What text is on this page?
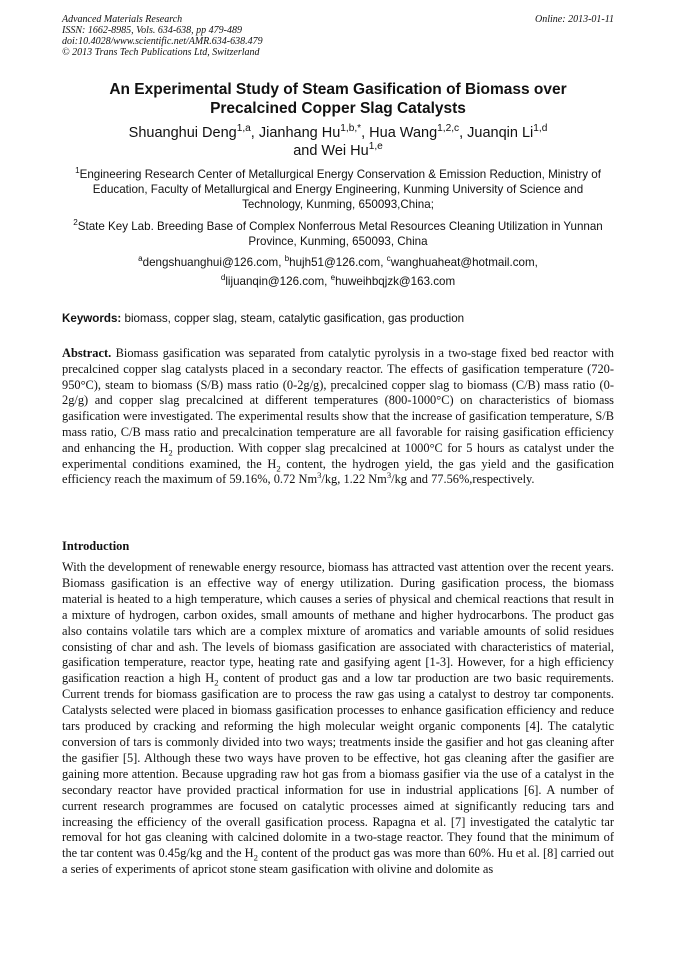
Advanced Materials Research
ISSN: 1662-8985, Vols. 634-638, pp 479-489
doi:10.4028/www.scientific.net/AMR.634-638.479
© 2013 Trans Tech Publications Ltd, Switzerland
Online: 2013-01-11
An Experimental Study of Steam Gasification of Biomass over
Precalcined Copper Slag Catalysts
Shuanghui Deng$^{1,a}$, Jianhang $Hu^{1,b,*}$, Hua Wang$^{1,2,c}$, Juanqin Li$^{1,d}$
and Wei Hu$^{1,e}$
$^1$Engineering Research Center of Metallurgical Energy Conservation & Emission Reduction, Ministry of Education, Faculty of Metallurgical and Energy Engineering, Kunming University of Science and Technology, Kunming, 650093,China;
$^2$State Key Lab. Breeding Base of Complex Nonferrous Metal Resources Cleaning Utilization in Yunnan Province, Kunming, 650093, China
$^a$dengshuanghui@126.com, $^b$hujh51@126.com, $^c$wanghuaheat@hotmail.com,
$^d$lijuanqin@126.com, $^e$huweihbqjzk@163.com
Keywords: biomass, copper slag, steam, catalytic gasification, gas production
Abstract. Biomass gasification was separated from catalytic pyrolysis in a two-stage fixed bed reactor with precalcined copper slag catalysts placed in a secondary reactor. The effects of gasification temperature (720-950°C), steam to biomass (S/B) mass ratio (0-2g/g), precalcined copper slag to biomass (C/B) mass ratio (0-2g/g) and copper slag precalcined at different temperatures (800-1000°C) on characteristics of biomass gasification were investigated. The experimental results show that the increase of gasification temperature, S/B mass ratio, C/B mass ratio and precalcination temperature are all favorable for raising gasification efficiency and enhancing the $H_2$ production. With copper slag precalcined at 1000°C for 5 hours as catalyst under the experimental conditions examined, the $H_2$ content, the hydrogen yield, the gas yield and the gasification efficiency reach the maximum of 59.16%, 0.72 Nm$^3$/kg, 1.22 Nm$^3$/kg and 77.56%,respectively.
Introduction
With the development of renewable energy resource, biomass has attracted vast attention over the recent years. Biomass gasification is an effective way of energy utilization. During gasification process, the biomass material is heated to a high temperature, which causes a series of physical and chemical reactions that result in a mixture of hydrogen, carbon oxides, small amounts of methane and higher hydrocarbons. The product gas also contains volatile tars which are a complex mixture of aromatics and variable amounts of solid residues consisting of char and ash. The levels of biomass gasification are associated with characteristics of material, gasification temperature, reactor type, heating rate and gasifying agent [1-3]. However, for a high efficiency gasification reaction a high $H_2$ content of product gas and a low tar production are two basic requirements. Current trends for biomass gasification are to process the raw gas using a catalyst to destroy tar components. Catalysts selected were placed in biomass gasification processes to enhance gasification efficiency and reduce tars produced by cracking and reforming the high molecular weight organic components [4]. The catalytic conversion of tars is commonly divided into two ways; treatments inside the gasifier and hot gas cleaning after the gasifier [5]. Although these two ways have proven to be effective, hot gas cleaning after the gasifier are gaining more attention. Because upgrading raw hot gas from a biomass gasifier via the use of a catalyst in the secondary reactor have provided practical information for use in industrial applications [6]. A number of current research programmes are focused on catalytic processes aimed at significantly reducing tars and increasing the efficiency of the overall gasification process. Rapagna et al. [7] investigated the catalytic tar removal for hot gas cleaning with calcined dolomite in a two-stage reactor. They found that the minimum of the tar content was 0.45g/kg and the $H_2$ content of the product gas was more than 60%. Hu et al. [8] carried out a series of experiments of apricot stone steam gasification with olivine and dolomite as
